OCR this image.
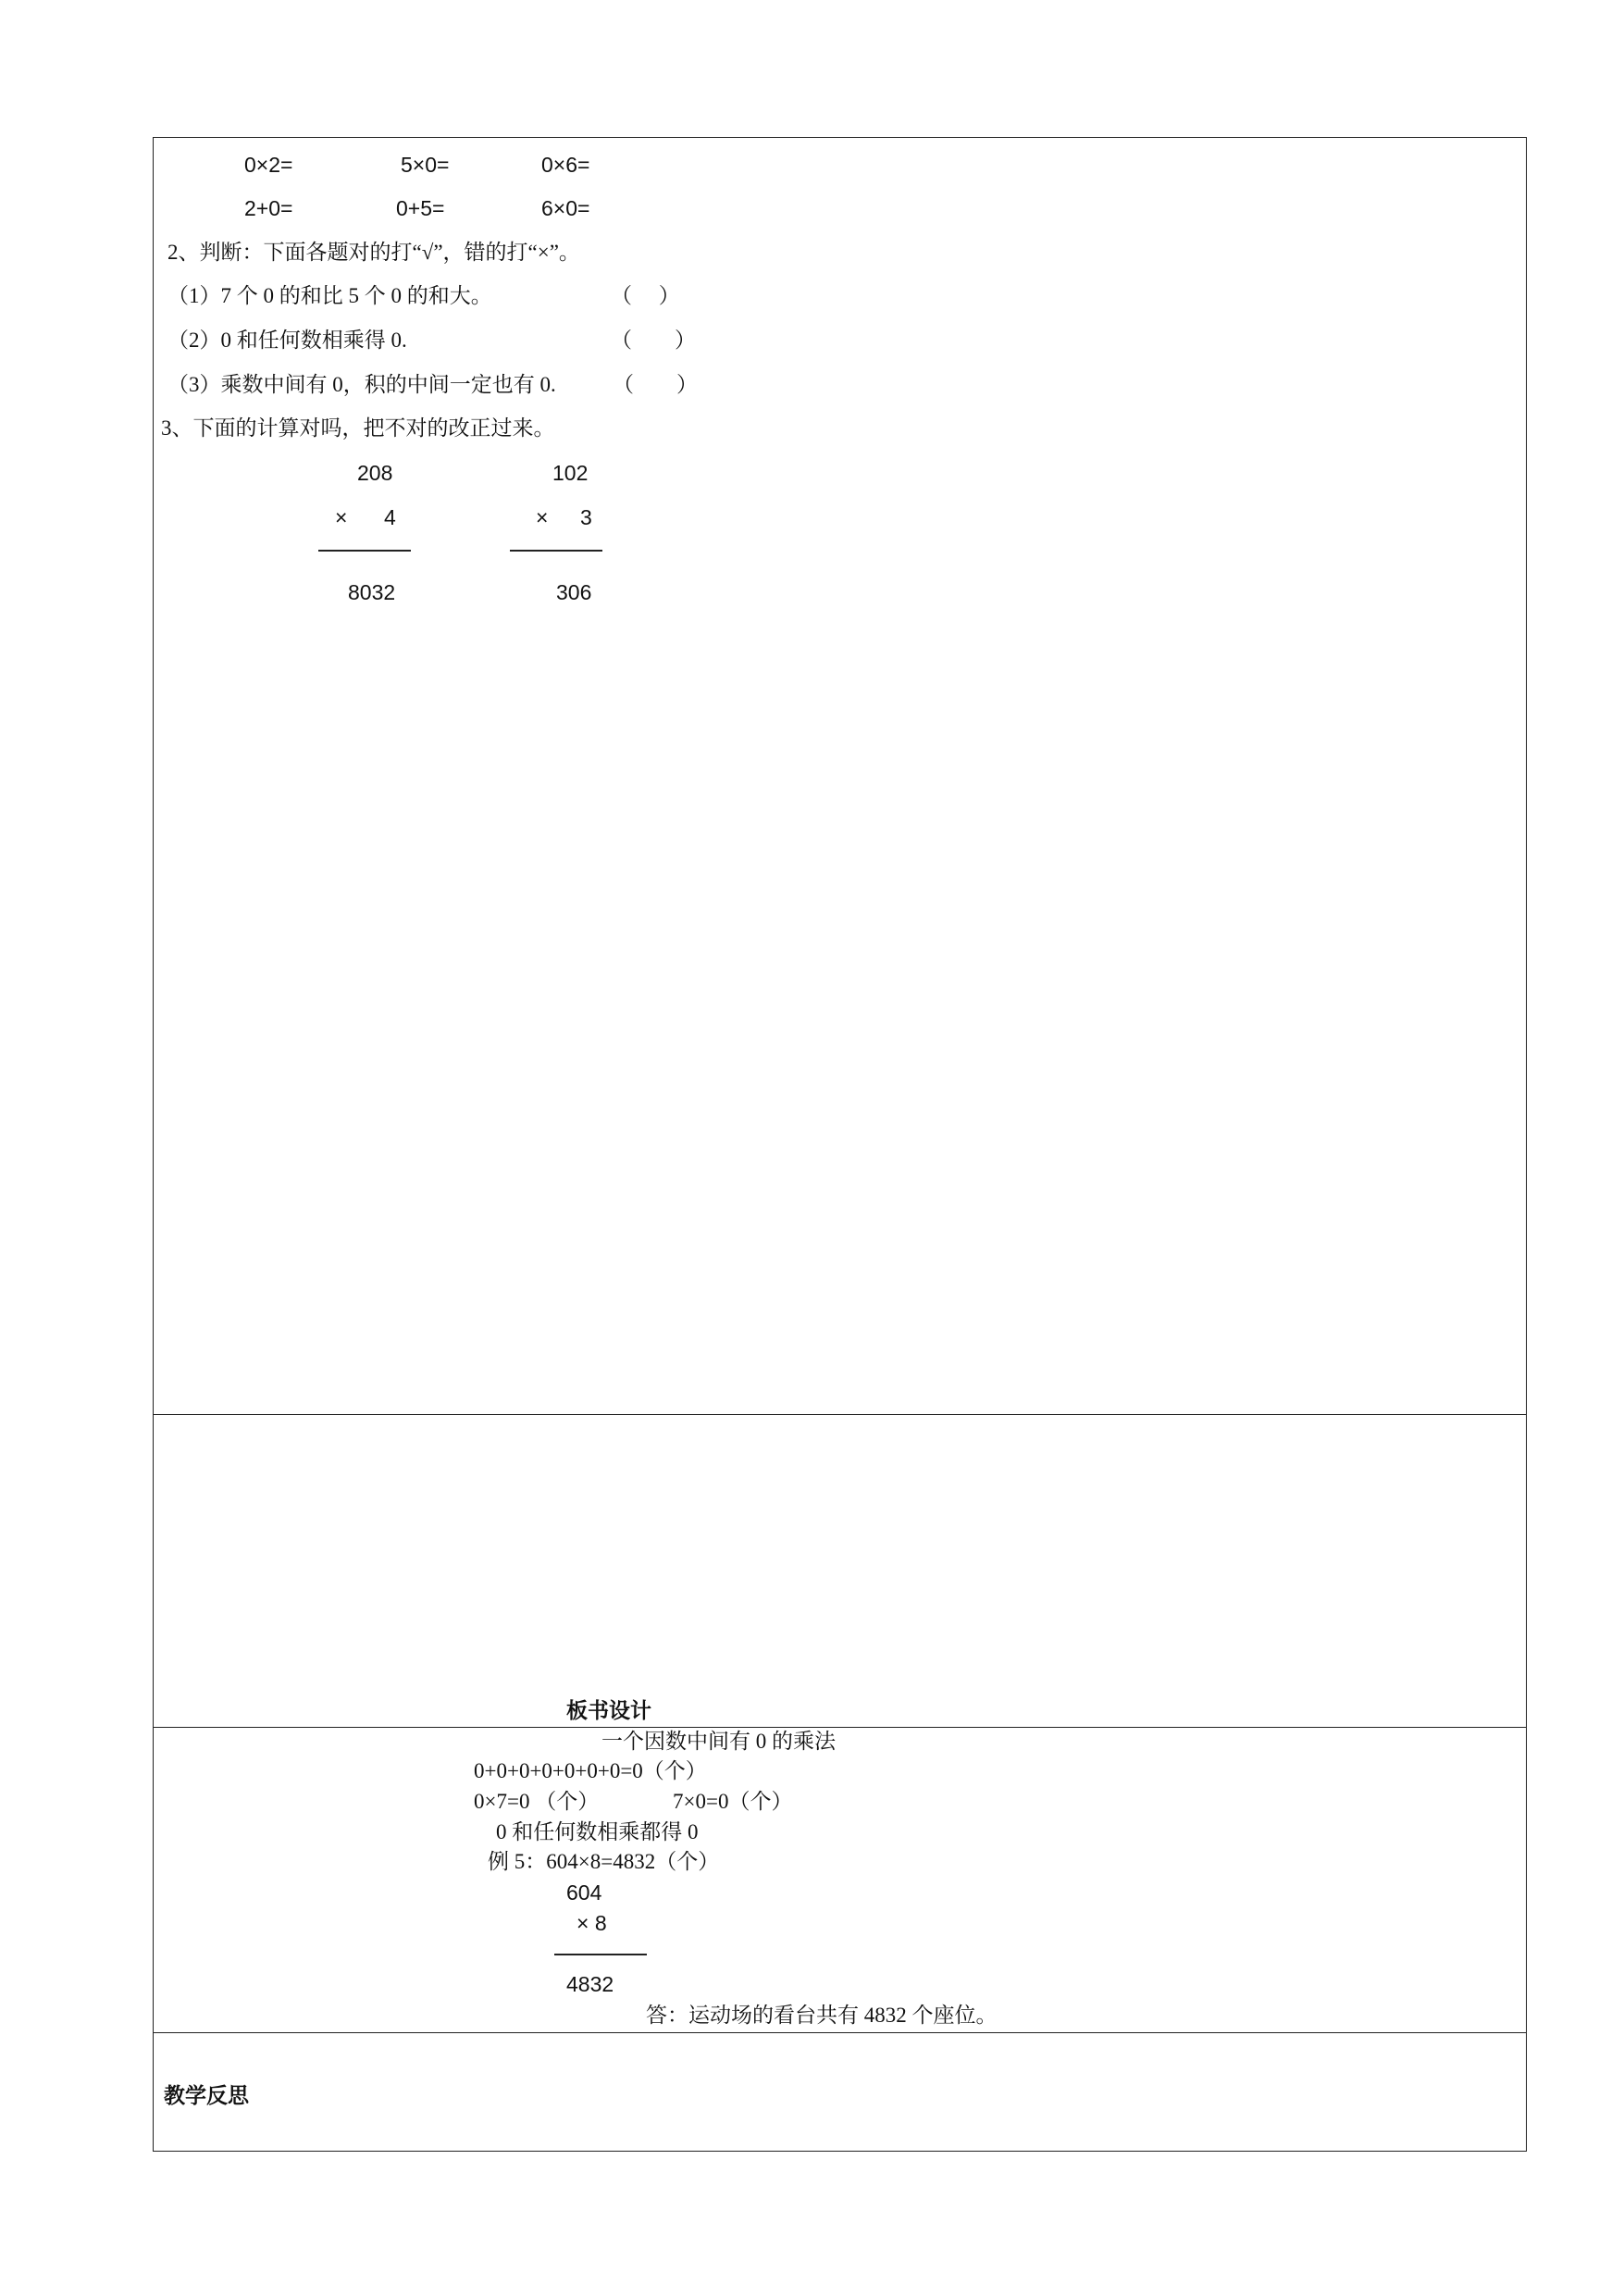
0×2=	5×0=	0×6=
2+0=	0+5=	6×0=
2、判断：下面各题对的打“√”，错的打“×”。
（1）7 个 0 的和比 5 个 0 的和大。	（　 ）
（2）0 和任何数相乘得 0.	（　　）
（3）乘数中间有 0，积的中间一定也有 0.	（　　）
3、下面的计算对吗，把不对的改正过来。
208
× 4
8032
102
× 3
306
板书设计
一个因数中间有 0 的乘法
0+0+0+0+0+0+0=0（个）
0×7=0 （个）	7×0=0（个）
0 和任何数相乘都得 0
例 5：604×8=4832（个）
604
× 8
4832
答：运动场的看台共有 4832 个座位。
教学反思
